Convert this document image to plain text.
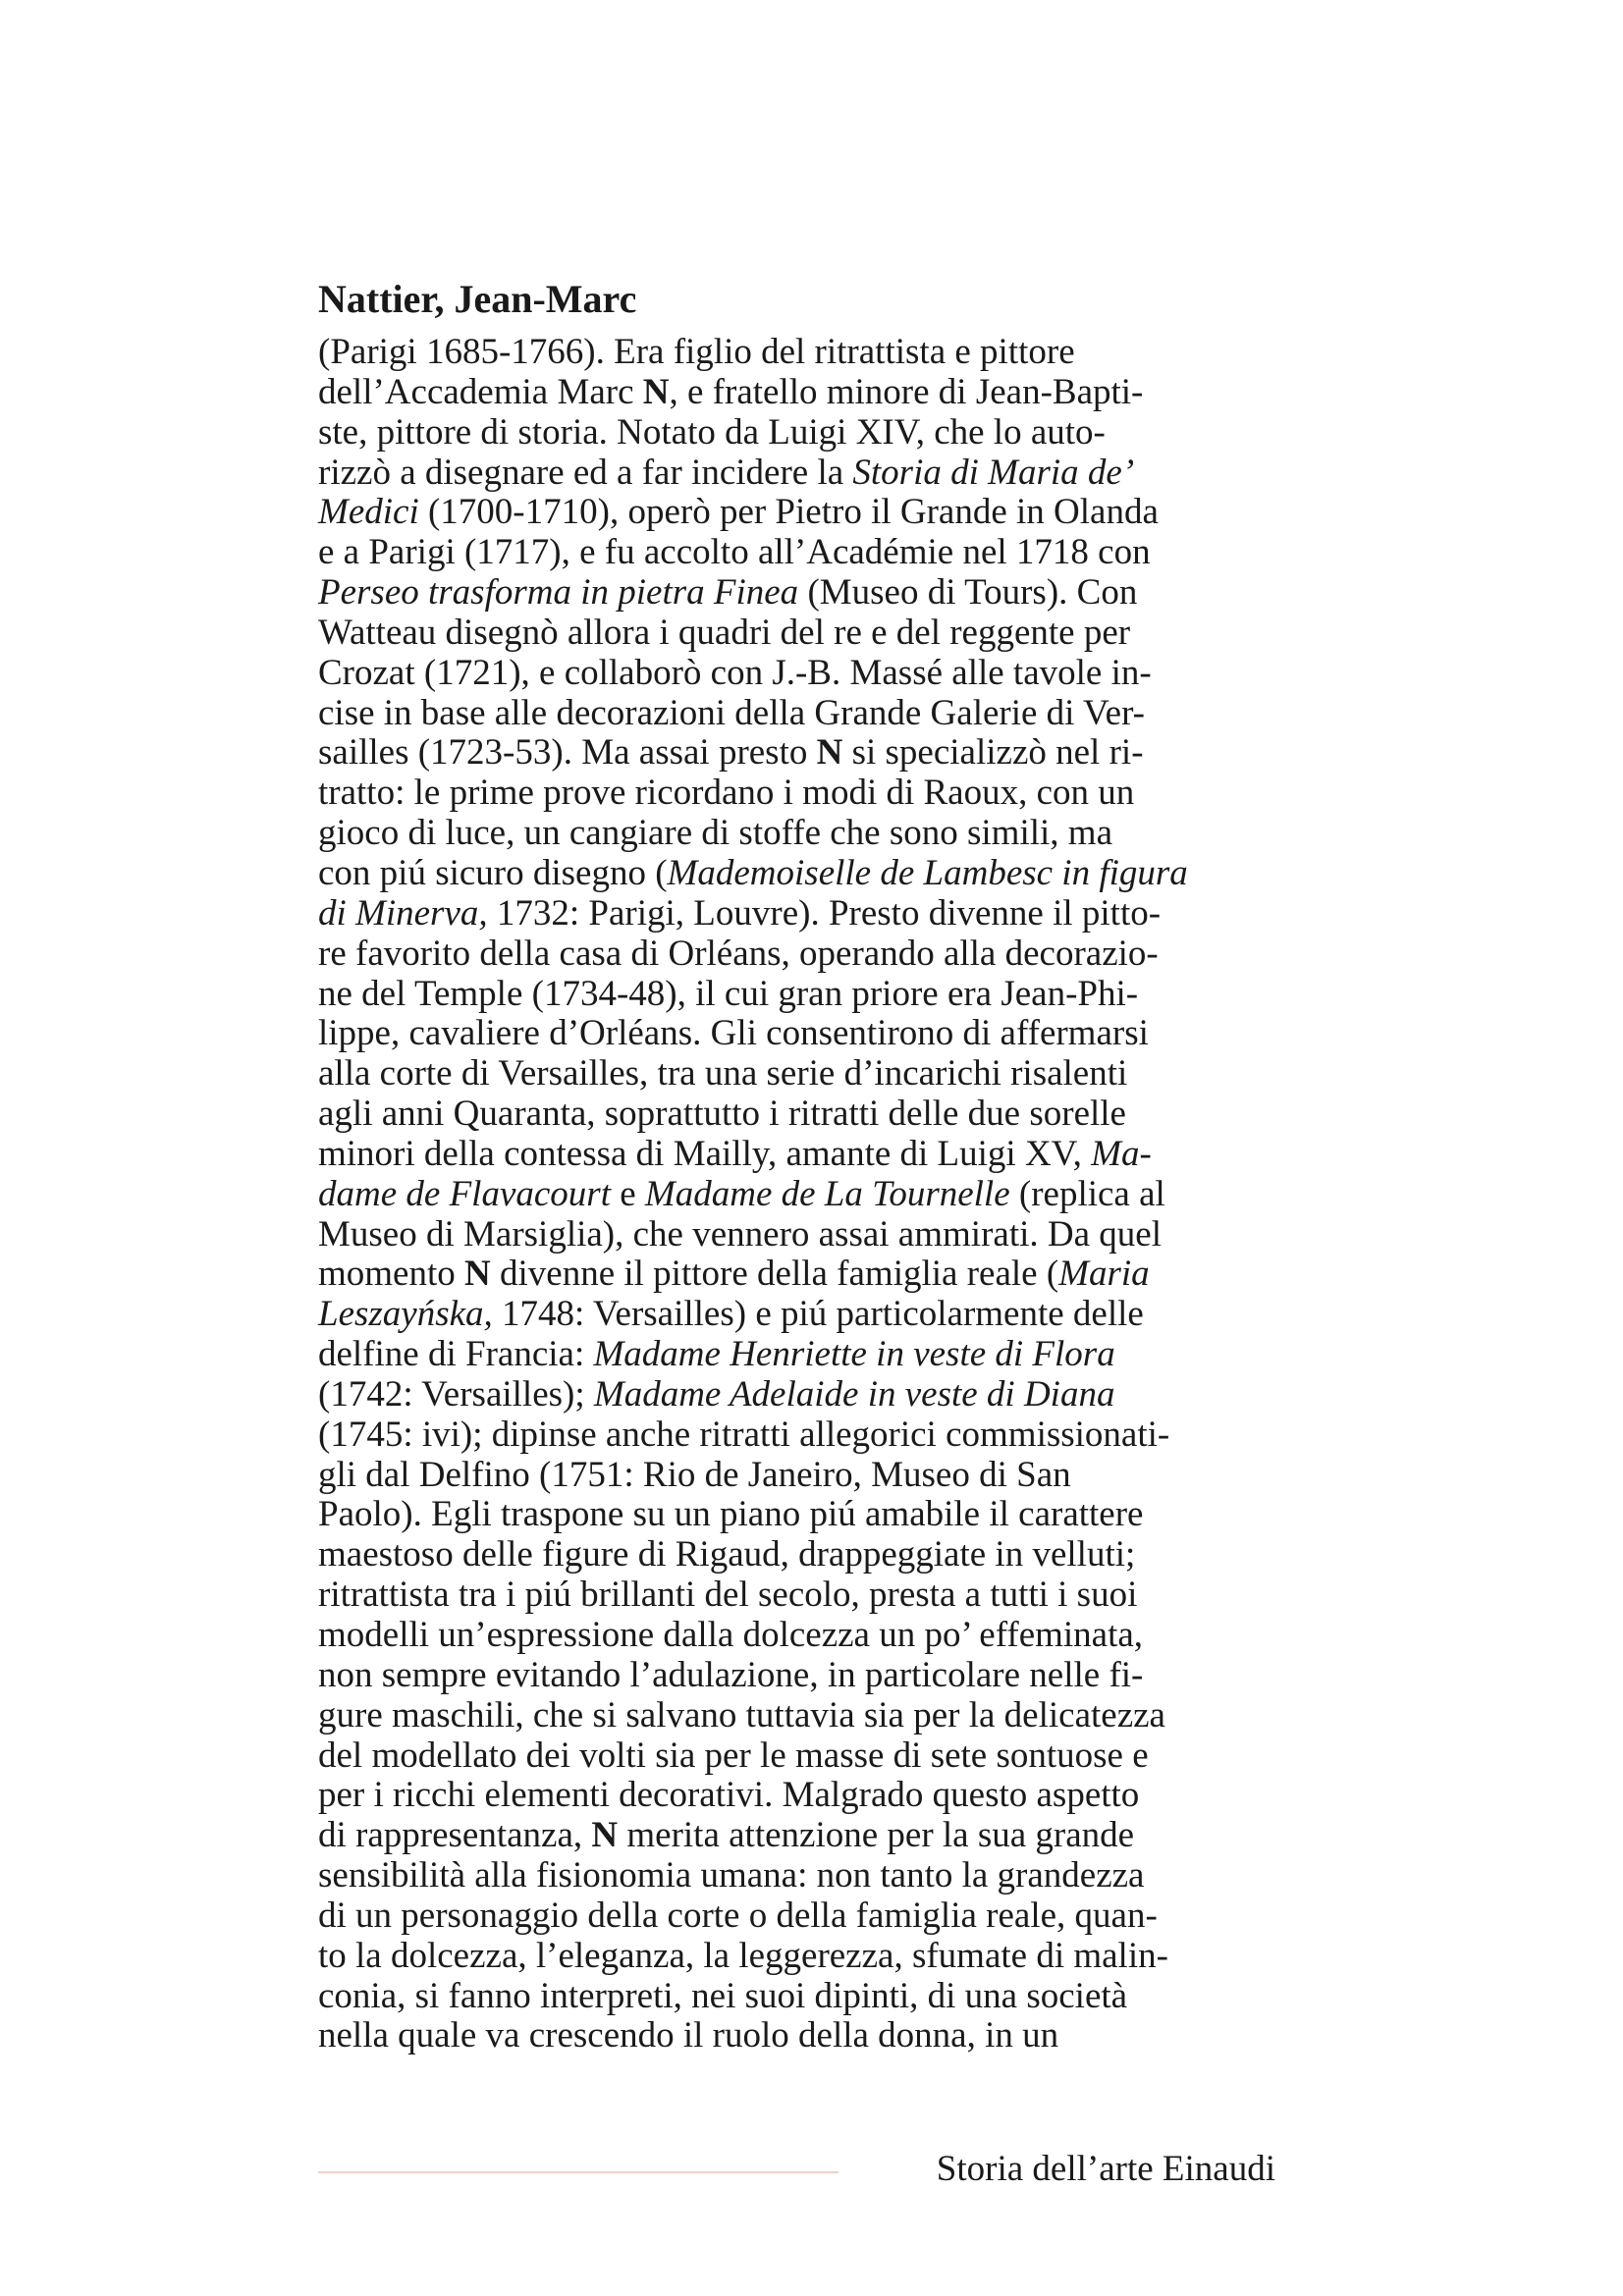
Nattier, Jean-Marc
(Parigi 1685-1766). Era figlio del ritrattista e pittore
dell’Accademia Marc N, e fratello minore di Jean-Bapti-
ste, pittore di storia. Notato da Luigi XIV, che lo auto-
rizzò a disegnare ed a far incidere la Storia di Maria de’
Medici (1700-1710), operò per Pietro il Grande in Olanda
e a Parigi (1717), e fu accolto all’Académie nel 1718 con
Perseo trasforma in pietra Finea (Museo di Tours). Con
Watteau disegnò allora i quadri del re e del reggente per
Crozat (1721), e collaborò con J.-B. Massé alle tavole in-
cise in base alle decorazioni della Grande Galerie di Ver-
sailles (1723-53). Ma assai presto N si specializzò nel ri-
tratto: le prime prove ricordano i modi di Raoux, con un
gioco di luce, un cangiare di stoffe che sono simili, ma
con piú sicuro disegno (Mademoiselle de Lambesc in figura
di Minerva, 1732: Parigi, Louvre). Presto divenne il pitto-
re favorito della casa di Orléans, operando alla decorazio-
ne del Temple (1734-48), il cui gran priore era Jean-Phi-
lippe, cavaliere d’Orléans. Gli consentirono di affermarsi
alla corte di Versailles, tra una serie d’incarichi risalenti
agli anni Quaranta, soprattutto i ritratti delle due sorelle
minori della contessa di Mailly, amante di Luigi XV, Ma-
dame de Flavacourt e Madame de La Tournelle (replica al
Museo di Marsiglia), che vennero assai ammirati. Da quel
momento N divenne il pittore della famiglia reale (Maria
Leszayńska, 1748: Versailles) e piú particolarmente delle
delfine di Francia: Madame Henriette in veste di Flora
(1742: Versailles); Madame Adelaide in veste di Diana
(1745: ivi); dipinse anche ritratti allegorici commissionati-
gli dal Delfino (1751: Rio de Janeiro, Museo di San
Paolo). Egli traspone su un piano piú amabile il carattere
maestoso delle figure di Rigaud, drappeggiate in velluti;
ritrattista tra i piú brillanti del secolo, presta a tutti i suoi
modelli un’espressione dalla dolcezza un po’ effeminata,
non sempre evitando l’adulazione, in particolare nelle fi-
gure maschili, che si salvano tuttavia sia per la delicatezza
del modellato dei volti sia per le masse di sete sontuose e
per i ricchi elementi decorativi. Malgrado questo aspetto
di rappresentanza, N merita attenzione per la sua grande
sensibilità alla fisionomia umana: non tanto la grandezza
di un personaggio della corte o della famiglia reale, quan-
to la dolcezza, l’eleganza, la leggerezza, sfumate di malin-
conia, si fanno interpreti, nei suoi dipinti, di una società
nella quale va crescendo il ruolo della donna, in un
Storia dell’arte Einaudi
